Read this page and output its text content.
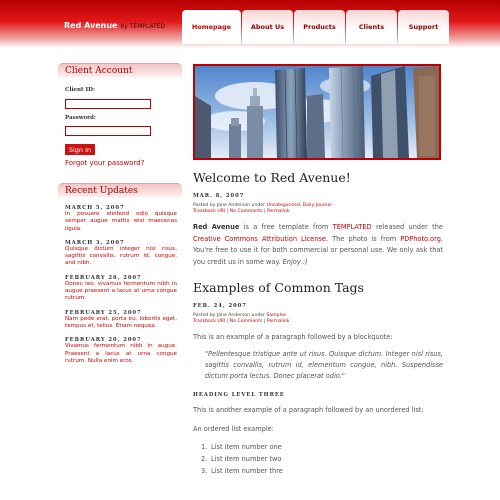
Red Avenue by TEMPLATED	Homepage	About Us	Products	Clients	Support
Client Account
Client ID:
Password:
Sign In
Forgot your password?
Recent Updates
MARCH 5, 2007
In posuere eleifend odio quisque semper augue mattis wisi maecenas ligula.
MARCH 3, 2007
Quisque dictum integer nisl risus, sagittis convallis, rutrum id, congue, and nibh.
FEBRUARY 28, 2007
Donec leo, vivamus fermentum nibh in augue praesent a lacus at urna congue rutrum.
FEBRUARY 25, 2007
Nam pede erat, porta eu, lobortis eget, tempus et, tellus. Etiam nequea.
FEBRUARY 20, 2007
Vivamus fermentum nibh in augue. Praesent a lacus at urna congue rutrum. Nulla enim eros.
Welcome to Red Avenue!
MAR. 8, 2007
Posted by Jane Anderson under Uncategorized, Daily Journal
Trackback URI | No Comments | Permalink

Red Avenue is a free template from TEMPLATED released under the Creative Commons Attribution License. The photo is from PDPhoto.org. You're free to use it for both commercial or personal use. We only ask that you credit us in some way. Enjoy :)

Examples of Common Tags
FEB. 24, 2007
Posted by Jane Anderson under Samples
Trackback URI | No Comments | Permalink

This is an example of a paragraph followed by a blockquote:

"Pellentesque tristique ante ut risus. Quisque dictum. Integer nisl risus, sagittis convallis, rutrum id, elementum congue, nibh. Suspendisse dictum porta lectus. Donec placerat odio."

HEADING LEVEL THREE

This is another example of a paragraph followed by an unordered list:

An ordered list example:

1. List item number one
2. List item number two
3. List item number thre
